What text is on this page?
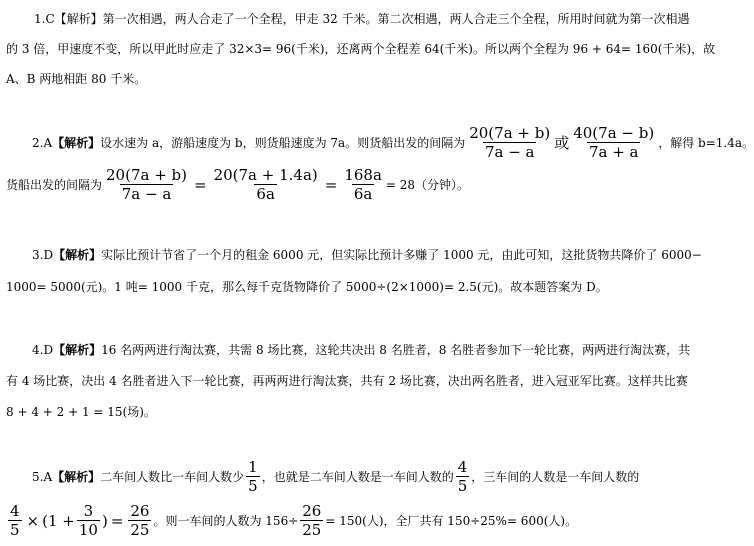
1.C【解析】第一次相遇，两人合走了一个全程，甲走 32 千米。第二次相遇，两人合走三个全程，所用时间就为第一次相遇
的 3 倍，甲速度不变，所以甲此时应走了 32×3= 96(千米)，还离两个全程差 64(千米)。所以两个全程为 96 + 64= 160(千米)，故
A、B 两地相距 80 千米。
2.A 【解析】 设水速为 a，游船速度为 b，则货船速度为 7a。则货船出发的间隔为 $\frac{20(7a + b)}{7a - a}$ 或 $\frac{40(7a - b)}{7a + a}$ ，解得 b=1.4a。
货船出发的间隔为 $\frac{20(7a + b)}{7a - a} = \frac{20(7a + 1.4a)}{6a} = \frac{168a}{6a} = 28$（分钟）。
3.D【解析】实际比预计节省了一个月的租金 6000 元，但实际比预计多赚了 1000 元，由此可知，这批货物共降价了 6000−
1000= 5000(元)。1 吨= 1000 千克，那么每千克货物降价了 5000÷(2×1000)= 2.5(元)。故本题答案为 D。
4.D【解析】16 名两两进行淘汰赛，共需 8 场比赛，这轮共决出 8 名胜者，8 名胜者参加下一轮比赛，两两进行淘汰赛，共
有 4 场比赛，决出 4 名胜者进入下一轮比赛，再两两进行淘汰赛，共有 2 场比赛，决出两名胜者，进入冠亚军比赛。这样共比赛
8 + 4 + 2 + 1 = 15(场)。
5.A 【解析】 二车间人数比一车间人数少 $\frac{1}{5}$ ，也就是二车间人数是一车间人数的 $\frac{4}{5}$ ，三车间的人数是一车间人数的
$\frac{4}{5} \times (1 + \frac{3}{10}$ ) = $\frac{26}{25}$ 。则一车间的人数为 $156\div \frac{26}{25} = 150$(人)，全厂共有 150÷25%= 600(人)。
